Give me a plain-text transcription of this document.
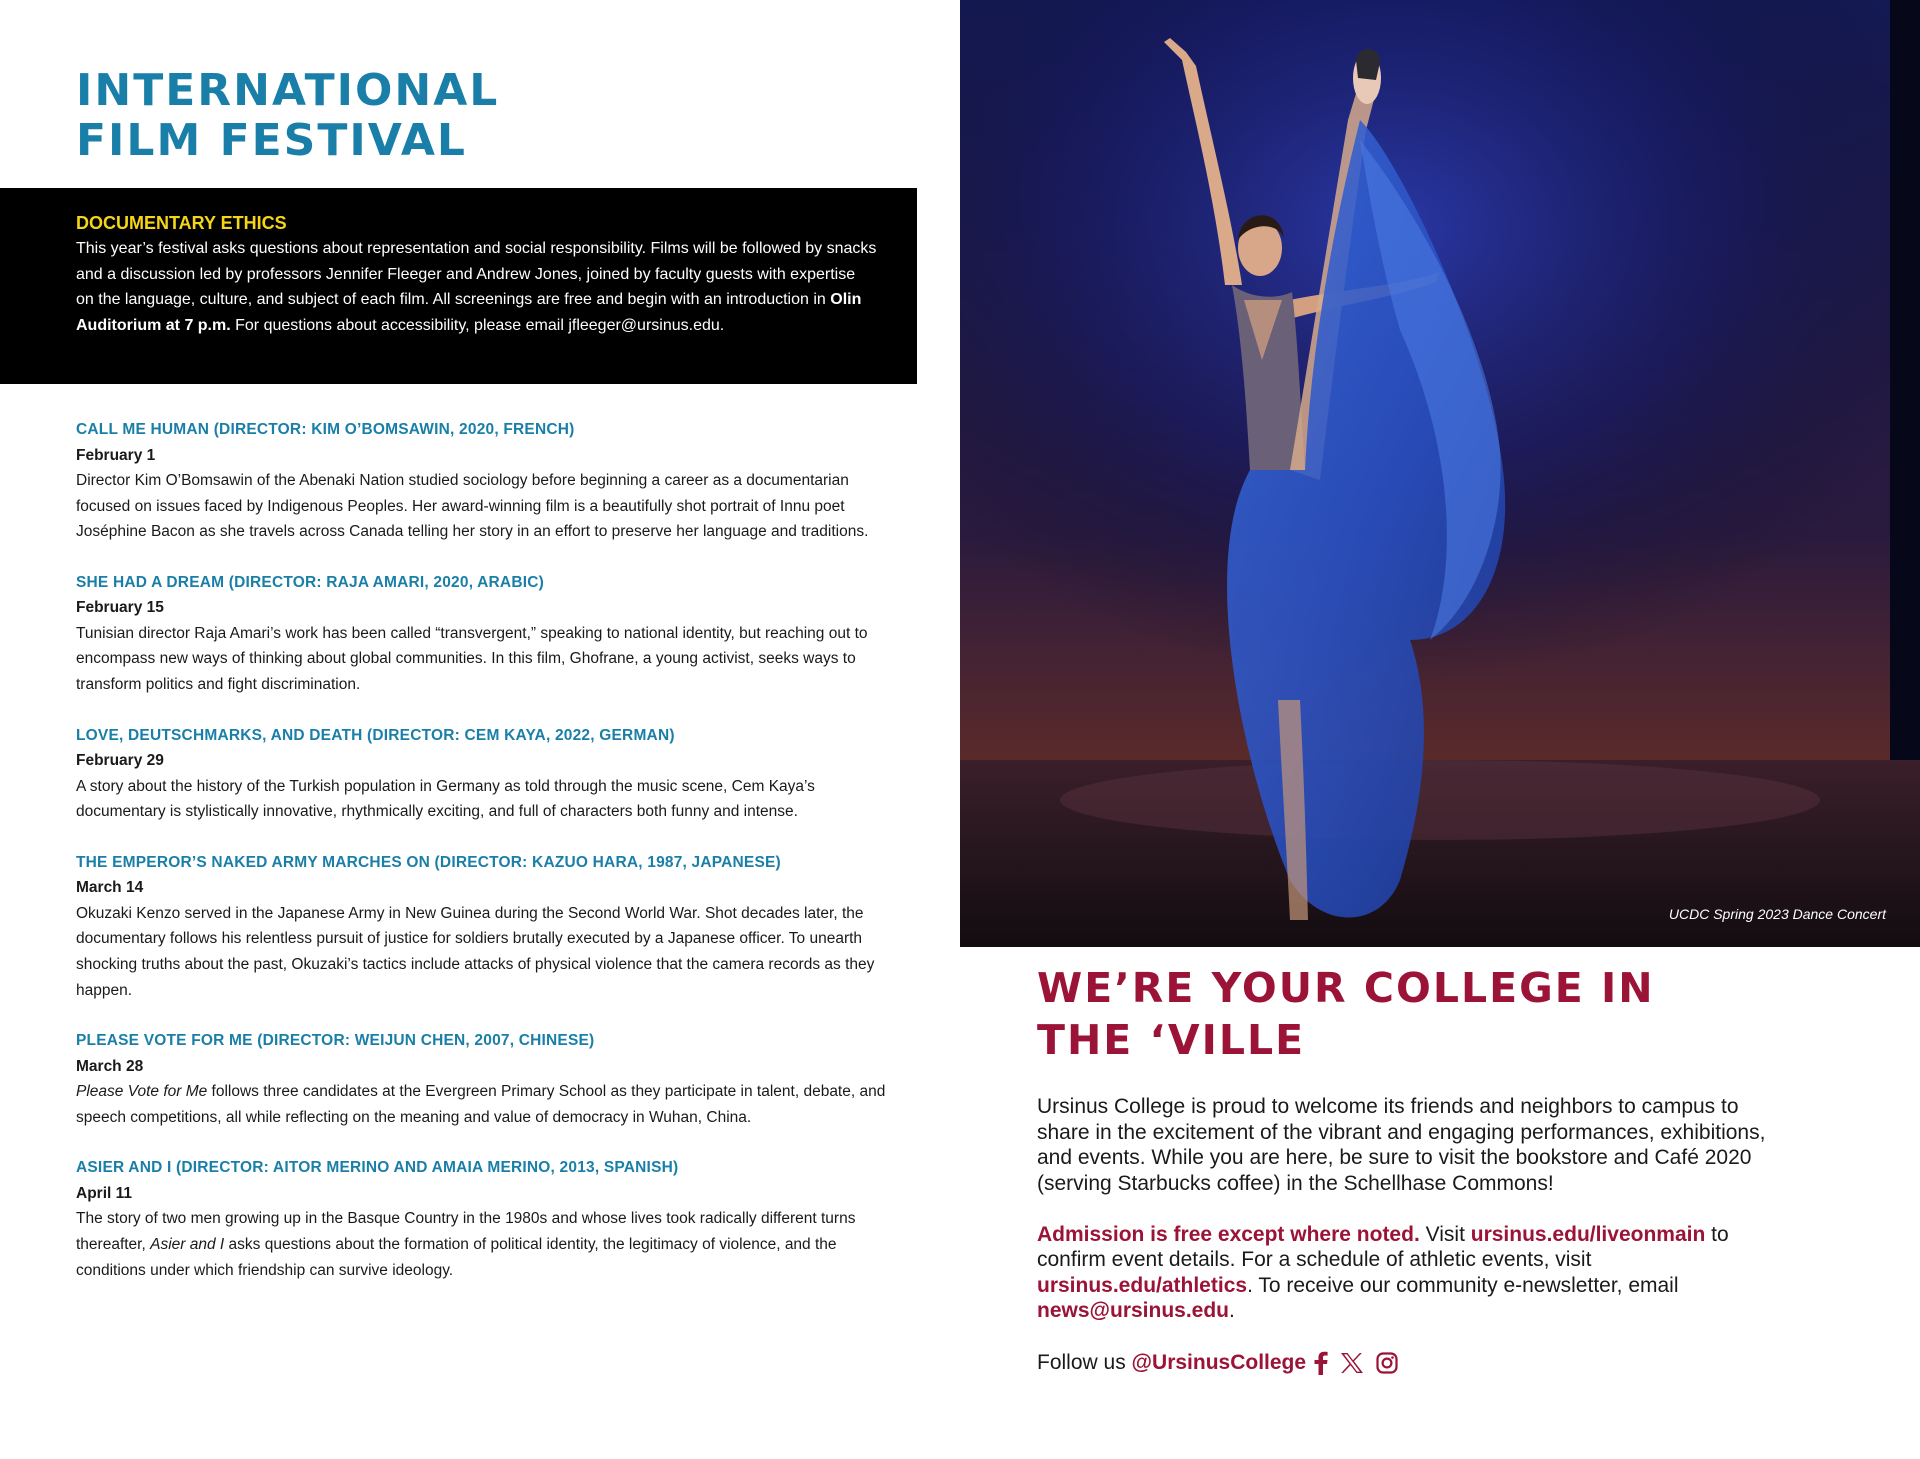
INTERNATIONAL
FILM FESTIVAL
DOCUMENTARY ETHICS
This year’s festival asks questions about representation and social responsibility. Films will be followed by snacks and a discussion led by professors Jennifer Fleeger and Andrew Jones, joined by faculty guests with expertise on the language, culture, and subject of each film. All screenings are free and begin with an introduction in Olin Auditorium at 7 p.m. For questions about accessibility, please email jfleeger@ursinus.edu.
CALL ME HUMAN (DIRECTOR: KIM O’BOMSAWIN, 2020, FRENCH)
February 1
Director Kim O’Bomsawin of the Abenaki Nation studied sociology before beginning a career as a documentarian focused on issues faced by Indigenous Peoples. Her award-winning film is a beautifully shot portrait of Innu poet Joséphine Bacon as she travels across Canada telling her story in an effort to preserve her language and traditions.
SHE HAD A DREAM (DIRECTOR: RAJA AMARI, 2020, ARABIC)
February 15
Tunisian director Raja Amari’s work has been called “transvergent,” speaking to national identity, but reaching out to encompass new ways of thinking about global communities. In this film, Ghofrane, a young activist, seeks ways to transform politics and fight discrimination.
LOVE, DEUTSCHMARKS, AND DEATH (DIRECTOR: CEM KAYA, 2022, GERMAN)
February 29
A story about the history of the Turkish population in Germany as told through the music scene, Cem Kaya’s documentary is stylistically innovative, rhythmically exciting, and full of characters both funny and intense.
THE EMPEROR’S NAKED ARMY MARCHES ON (DIRECTOR: KAZUO HARA, 1987, JAPANESE)
March 14
Okuzaki Kenzo served in the Japanese Army in New Guinea during the Second World War. Shot decades later, the documentary follows his relentless pursuit of justice for soldiers brutally executed by a Japanese officer. To unearth shocking truths about the past, Okuzaki’s tactics include attacks of physical violence that the camera records as they happen.
PLEASE VOTE FOR ME (DIRECTOR: WEIJUN CHEN, 2007, CHINESE)
March 28
Please Vote for Me follows three candidates at the Evergreen Primary School as they participate in talent, debate, and speech competitions, all while reflecting on the meaning and value of democracy in Wuhan, China.
ASIER AND I (DIRECTOR: AITOR MERINO AND AMAIA MERINO, 2013, SPANISH)
April 11
The story of two men growing up in the Basque Country in the 1980s and whose lives took radically different turns thereafter, Asier and I asks questions about the formation of political identity, the legitimacy of violence, and the conditions under which friendship can survive ideology.
UCDC Spring 2023 Dance Concert
WE’RE YOUR COLLEGE IN
THE ‘VILLE
Ursinus College is proud to welcome its friends and neighbors to campus to share in the excitement of the vibrant and engaging performances, exhibitions, and events. While you are here, be sure to visit the bookstore and Café 2020 (serving Starbucks coffee) in the Schellhase Commons!
Admission is free except where noted. Visit ursinus.edu/liveonmain to confirm event details. For a schedule of athletic events, visit ursinus.edu/athletics. To receive our community e-newsletter, email news@ursinus.edu.
Follow us
@UrsinusCollege
